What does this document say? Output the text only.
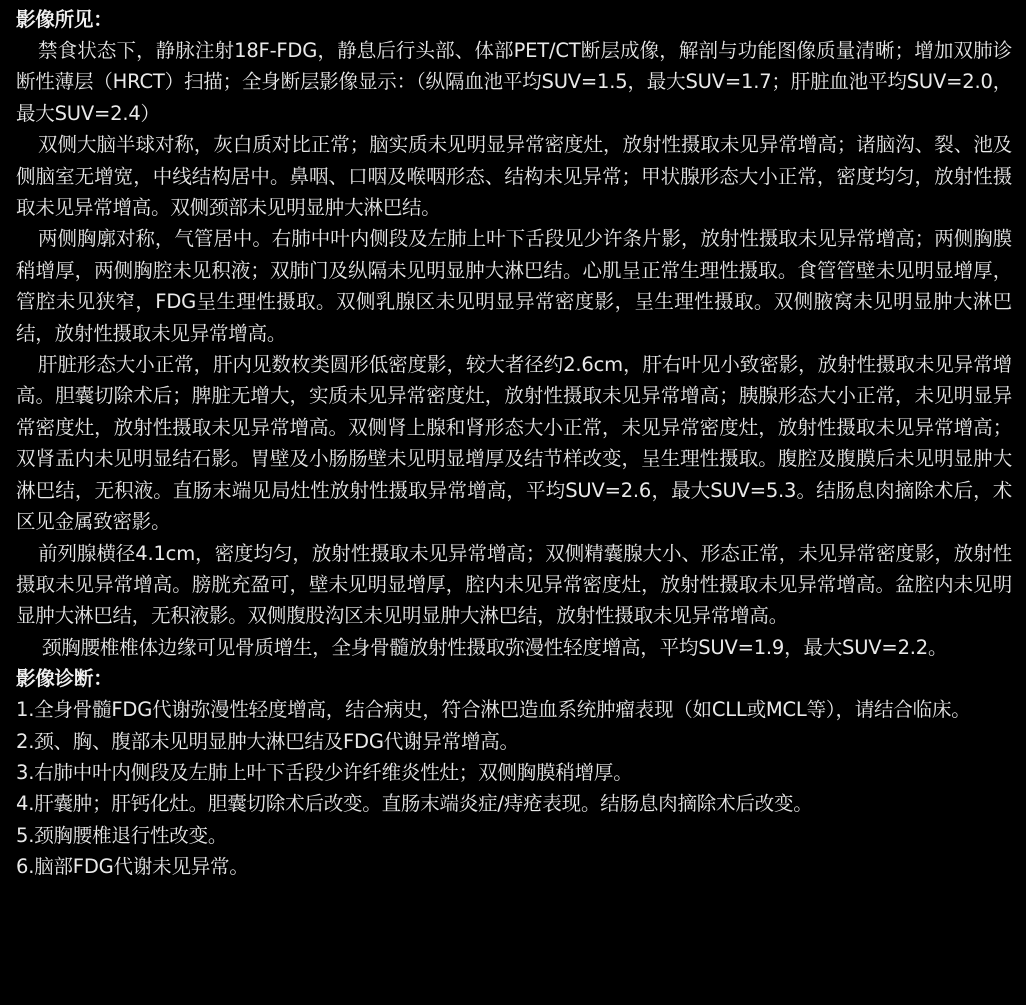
影像所见：

禁食状态下，静脉注射18F-FDG，静息后行头部、体部PET/CT断层成像，解剖与功能图像质量清晰；增加双肺诊断性薄层（HRCT）扫描；全身断层影像显示：（纵隔血池平均SUV=1.5，最大SUV=1.7；肝脏血池平均SUV=2.0，最大SUV=2.4）

双侧大脑半球对称，灰白质对比正常；脑实质未见明显异常密度灶，放射性摄取未见异常增高；诸脑沟、裂、池及侧脑室无增宽，中线结构居中。鼻咽、口咽及喉咽形态、结构未见异常；甲状腺形态大小正常，密度均匀，放射性摄取未见异常增高。双侧颈部未见明显肿大淋巴结。

两侧胸廓对称，气管居中。右肺中叶内侧段及左肺上叶下舌段见少许条片影，放射性摄取未见异常增高；两侧胸膜稍增厚，两侧胸腔未见积液；双肺门及纵隔未见明显肿大淋巴结。心肌呈正常生理性摄取。食管管壁未见明显增厚，管腔未见狭窄，FDG呈生理性摄取。双侧乳腺区未见明显异常密度影，呈生理性摄取。双侧腋窝未见明显肿大淋巴结，放射性摄取未见异常增高。

肝脏形态大小正常，肝内见数枚类圆形低密度影，较大者径约2.6cm，肝右叶见小致密影，放射性摄取未见异常增高。胆囊切除术后；脾脏无增大，实质未见异常密度灶，放射性摄取未见异常增高；胰腺形态大小正常，未见明显异常密度灶，放射性摄取未见异常增高。双侧肾上腺和肾形态大小正常，未见异常密度灶，放射性摄取未见异常增高；双肾盂内未见明显结石影。胃壁及小肠肠壁未见明显增厚及结节样改变，呈生理性摄取。腹腔及腹膜后未见明显肿大淋巴结，无积液。直肠末端见局灶性放射性摄取异常增高，平均SUV=2.6，最大SUV=5.3。结肠息肉摘除术后，术区见金属致密影。

前列腺横径4.1cm，密度均匀，放射性摄取未见异常增高；双侧精囊腺大小、形态正常，未见异常密度影，放射性摄取未见异常增高。膀胱充盈可，壁未见明显增厚，腔内未见异常密度灶，放射性摄取未见异常增高。盆腔内未见明显肿大淋巴结，无积液影。双侧腹股沟区未见明显肿大淋巴结，放射性摄取未见异常增高。

颈胸腰椎椎体边缘可见骨质增生，全身骨髓放射性摄取弥漫性轻度增高，平均SUV=1.9，最大SUV=2.2。

影像诊断：

1.全身骨髓FDG代谢弥漫性轻度增高，结合病史，符合淋巴造血系统肿瘤表现（如CLL或MCL等），请结合临床。

2.颈、胸、腹部未见明显肿大淋巴结及FDG代谢异常增高。

3.右肺中叶内侧段及左肺上叶下舌段少许纤维炎性灶；双侧胸膜稍增厚。

4.肝囊肿；肝钙化灶。胆囊切除术后改变。直肠末端炎症/痔疮表现。结肠息肉摘除术后改变。

5.颈胸腰椎退行性改变。

6.脑部FDG代谢未见异常。
